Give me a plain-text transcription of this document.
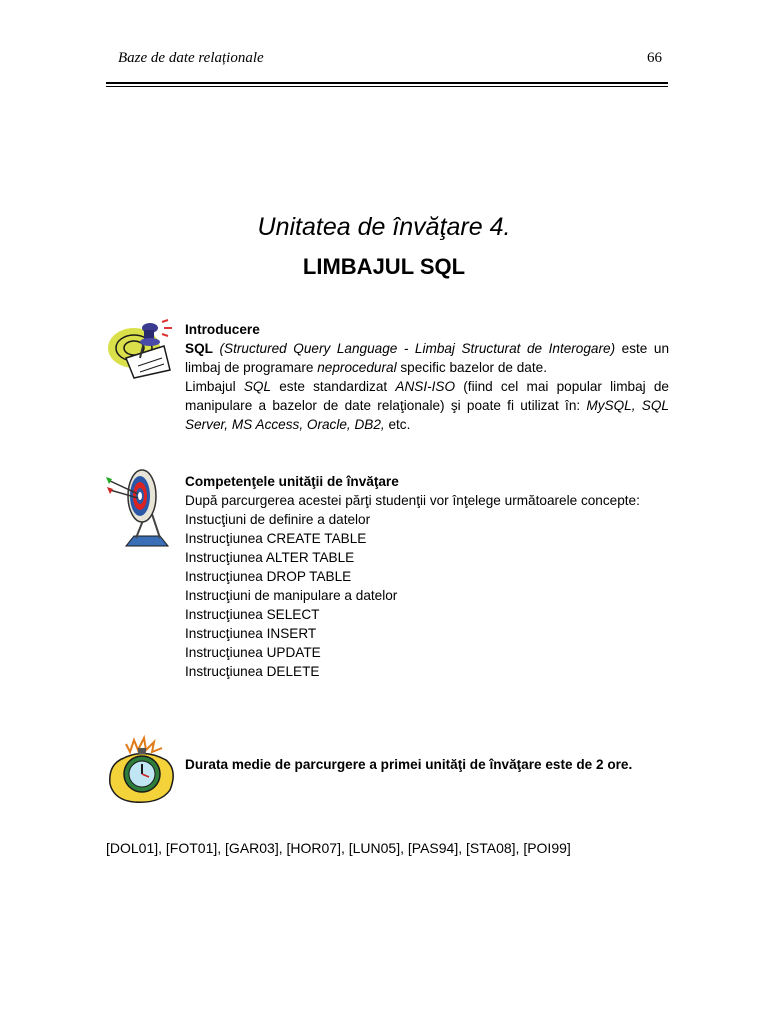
Baze de date relaționale	66
Unitatea de învăţare 4.
LIMBAJUL SQL

Introducere

SQL (Structured Query Language - Limbaj Structurat de Interogare) este un limbaj de programare neprocedural specific bazelor de date.

Limbajul SQL este standardizat ANSI-ISO (fiind cel mai popular limbaj de manipulare a bazelor de date relaţionale) şi poate fi utilizat în: MySQL, SQL Server, MS Access, Oracle, DB2, etc.

Competenţele unităţii de învăţare

După parcurgerea acestei părţi studenţii vor înţelege următoarele concepte:

Instucţiuni de definire a datelor

Instrucţiunea CREATE TABLE

Instrucţiunea ALTER TABLE

Instrucţiunea DROP TABLE

Instrucţiuni de manipulare a datelor

Instrucţiunea SELECT

Instrucţiunea INSERT

Instrucţiunea UPDATE

Instrucţiunea DELETE

Durata medie de parcurgere a primei unităţi de învăţare este de 2 ore.
[DOL01], [FOT01], [GAR03], [HOR07], [LUN05], [PAS94], [STA08], [POI99]
